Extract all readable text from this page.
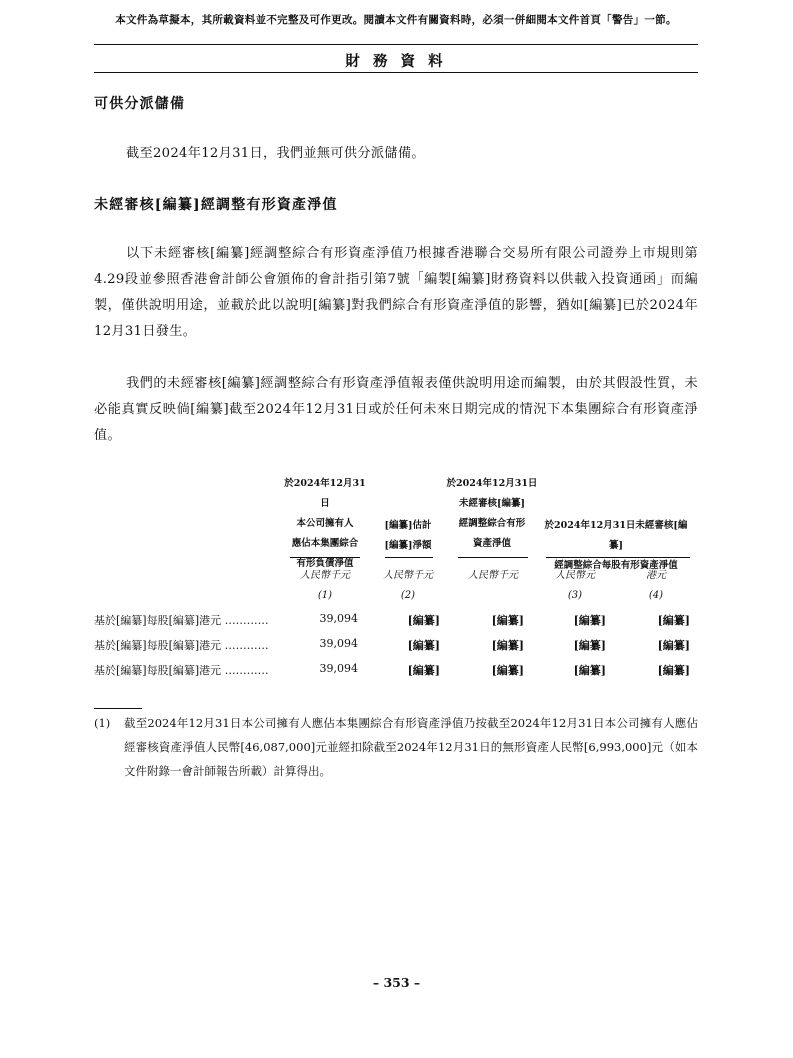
本文件為草擬本，其所載資料並不完整及可作更改。閱讀本文件有關資料時，必須一併細閱本文件首頁「警告」一節。
財 務 資 料
可供分派儲備
截至2024年12月31日，我們並無可供分派儲備。
未經審核[編纂]經調整有形資產淨值
以下未經審核[編纂]經調整綜合有形資產淨值乃根據香港聯合交易所有限公司證券上市規則第4.29段並參照香港會計師公會頒佈的會計指引第7號「編製[編纂]財務資料以供載入投資通函」而編製，僅供說明用途，並載於此以說明[編纂]對我們綜合有形資產淨值的影響，猶如[編纂]已於2024年12月31日發生。
我們的未經審核[編纂]經調整綜合有形資產淨值報表僅供說明用途而編製，由於其假設性質，未必能真實反映倘[編纂]截至2024年12月31日或於任何未來日期完成的情況下本集團綜合有形資產淨值。
於2024年12月31日
本公司擁有人
應佔本集團綜合
有形負債淨值
[編纂]估計
[編纂]淨額
於2024年12月31日
未經審核[編纂]
經調整綜合有形
資產淨值
於2024年12月31日未經審核[編纂]
經調整綜合每股有形資產淨值
人民幣千元	人民幣千元	人民幣千元	人民幣元	港元
(1)	(2)	(3)	(4)
基於[編纂]每股[編纂]港元 …………	39,094	[編纂]	[編纂]	[編纂]	[編纂]
基於[編纂]每股[編纂]港元 …………	39,094	[編纂]	[編纂]	[編纂]	[編纂]
基於[編纂]每股[編纂]港元 …………	39,094	[編纂]	[編纂]	[編纂]	[編纂]
(1) 截至2024年12月31日本公司擁有人應佔本集團綜合有形資產淨值乃按截至2024年12月31日本公司擁有人應佔經審核資產淨值人民幣[46,087,000]元並經扣除截至2024年12月31日的無形資產人民幣[6,993,000]元（如本文件附錄一會計師報告所載）計算得出。
– 353 –
